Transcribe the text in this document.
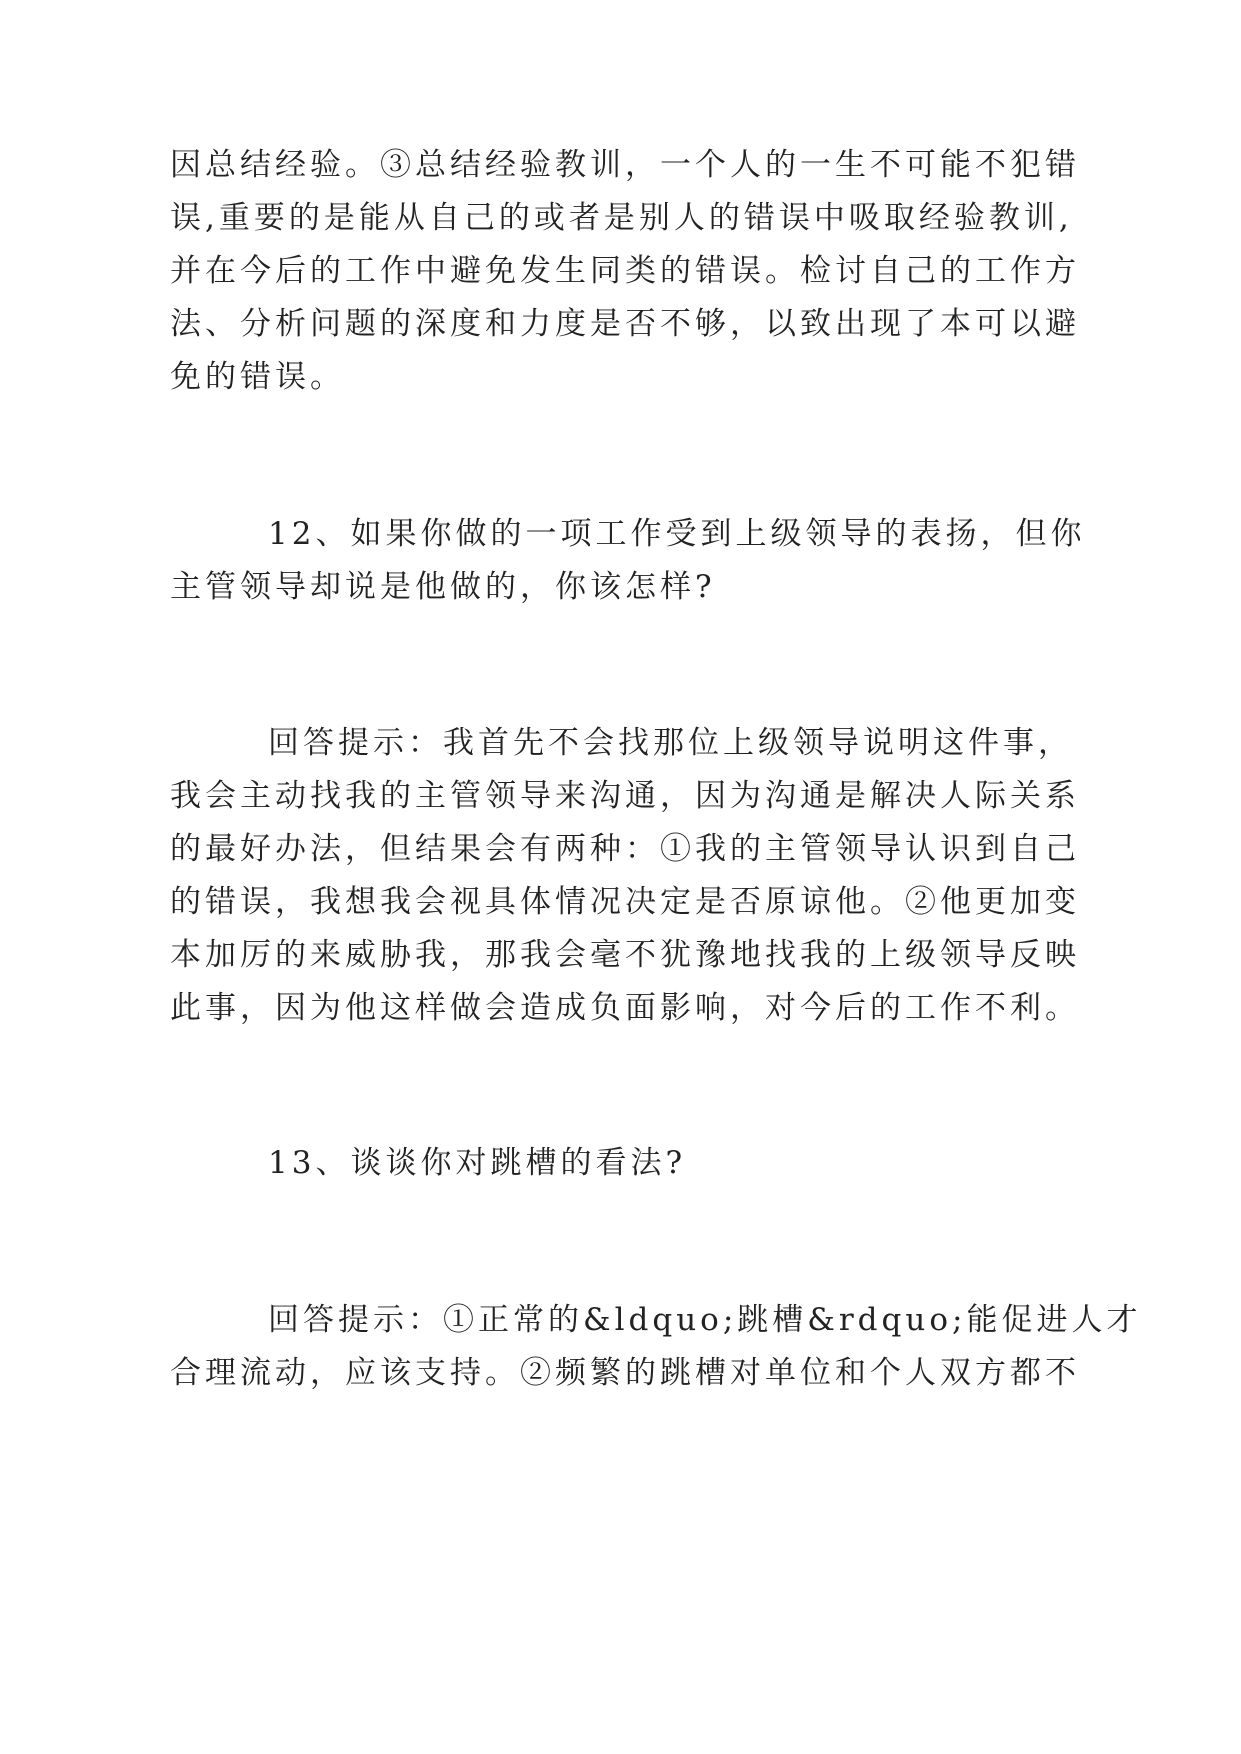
因总结经验。③总结经验教训，一个人的一生不可能不犯错
误,重要的是能从自己的或者是别人的错误中吸取经验教训,
并在今后的工作中避免发生同类的错误。检讨自己的工作方
法、分析问题的深度和力度是否不够，以致出现了本可以避
免的错误。
12、如果你做的一项工作受到上级领导的表扬，但你
主管领导却说是他做的，你该怎样?
回答提示：我首先不会找那位上级领导说明这件事，
我会主动找我的主管领导来沟通，因为沟通是解决人际关系
的最好办法，但结果会有两种：①我的主管领导认识到自己
的错误，我想我会视具体情况决定是否原谅他。②他更加变
本加厉的来威胁我，那我会毫不犹豫地找我的上级领导反映
此事，因为他这样做会造成负面影响，对今后的工作不利。
13、谈谈你对跳槽的看法?
回答提示：①正常的&ldquo;跳槽&rdquo;能促进人才
合理流动，应该支持。②频繁的跳槽对单位和个人双方都不
